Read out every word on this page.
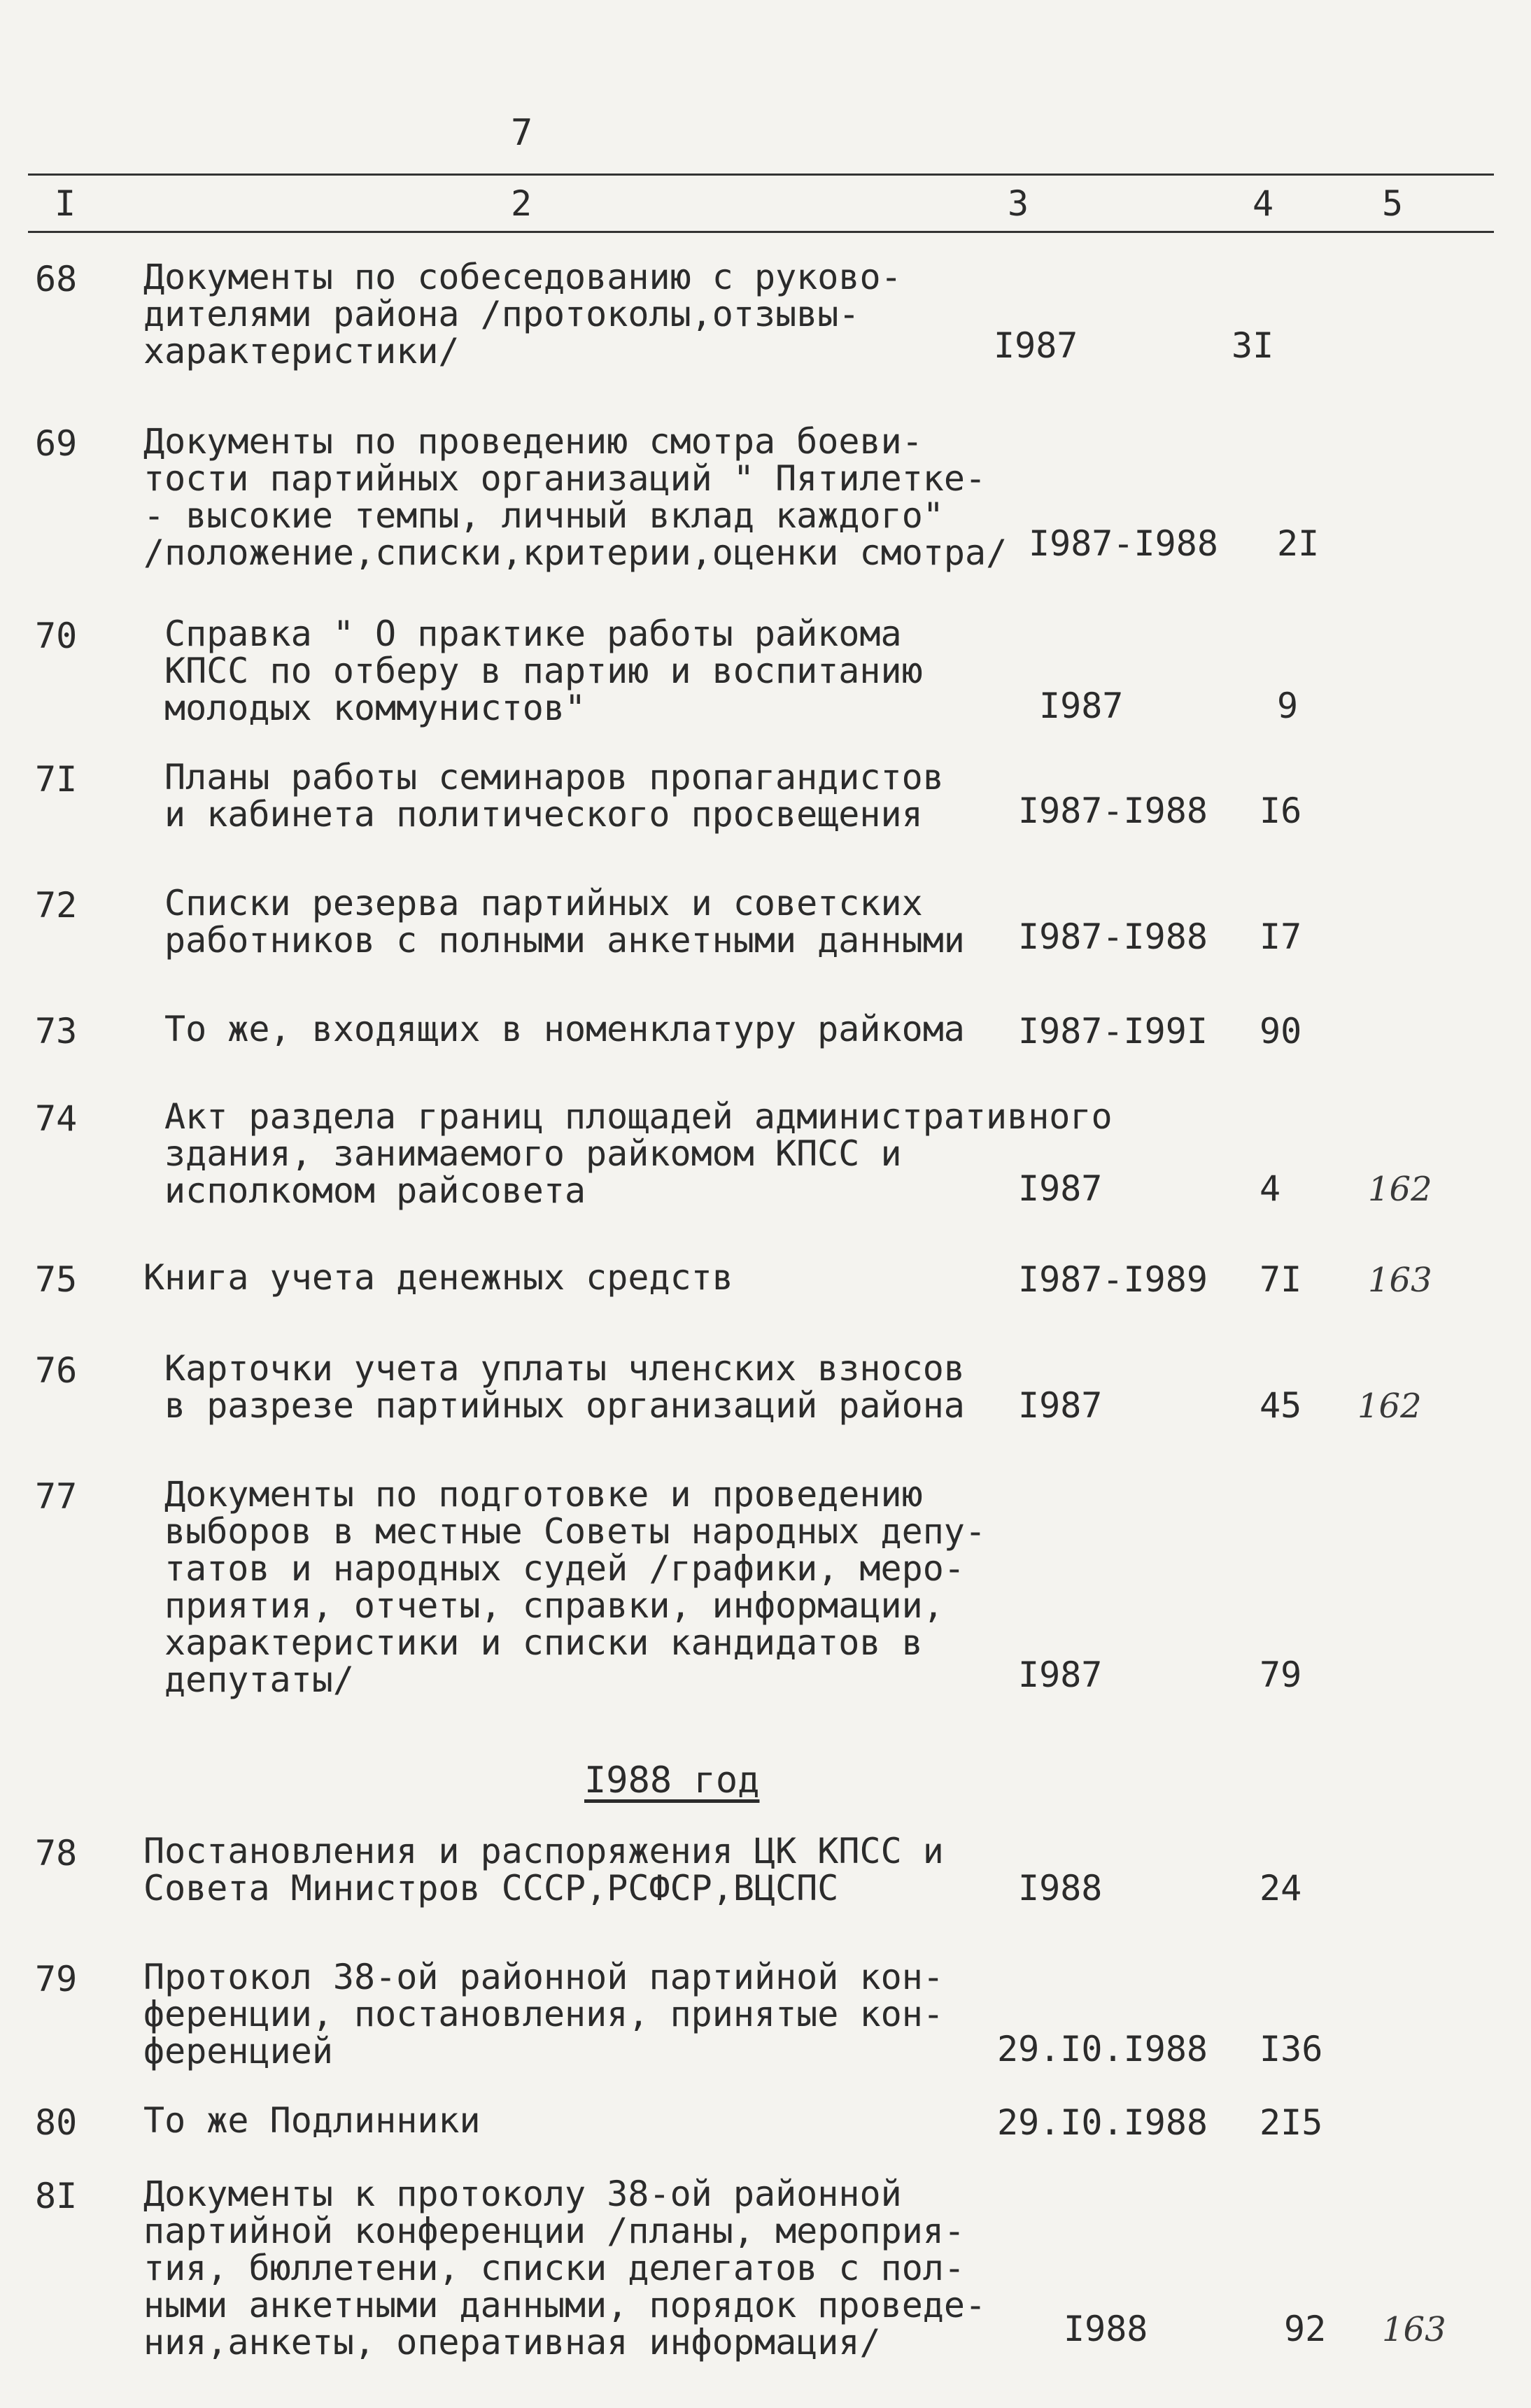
7
I	2	3	4	5
68 Документы по собеседованию с руково-
дителями района /протоколы,отзывы-
характеристики/	I987	3I
69 Документы по проведению смотра боеви-
тости партийных организаций " Пятилетке-
- высокие темпы, личный вклад каждого"
/положение,списки,критерии,оценки смотра/ I987-I988 2I
70 Справка " О практике работы райкома
КПСС по отберу в партию и воспитанию
молодых коммунистов"	I987	9
7I Планы работы семинаров пропагандистов
и кабинета политического просвещения	I987-I988 I6
72 Списки резерва партийных и советских
работников с полными анкетными данными I987-I988 I7
73 То же, входящих в номенклатуру райкома I987-I99I 90
74 Акт раздела границ площадей административного
здания, занимаемого райкомом КПСС и
исполкомом райсовета	I987	4	162
75 Книга учета денежных средств	I987-I989 7I 163
76 Карточки учета уплаты членских взносов
в разрезе партийных организаций района I987	45 162
77 Документы по подготовке и проведению
выборов в местные Советы народных депу-
татов и народных судей /графики, меро-
приятия, отчеты, справки, информации,
характеристики и списки кандидатов в
депутаты/	I987	79
78 Постановления и распоряжения ЦК КПСС и
Совета Министров СССР,РСФСР,ВЦСПС	I988	24
79 Протокол 38-ой районной партийной кон-
ференции, постановления, принятые кон-
ференцией	29.I0.I988 I36
80 То же Подлинники	29.I0.I988 2I5
8I Документы к протоколу 38-ой районной
партийной конференции /планы, мероприя-
тия, бюллетени, списки делегатов с пол-
ными анкетными данными, порядок проведе-
ния,анкеты, оперативная информация/	I988	92 163
I988 год
